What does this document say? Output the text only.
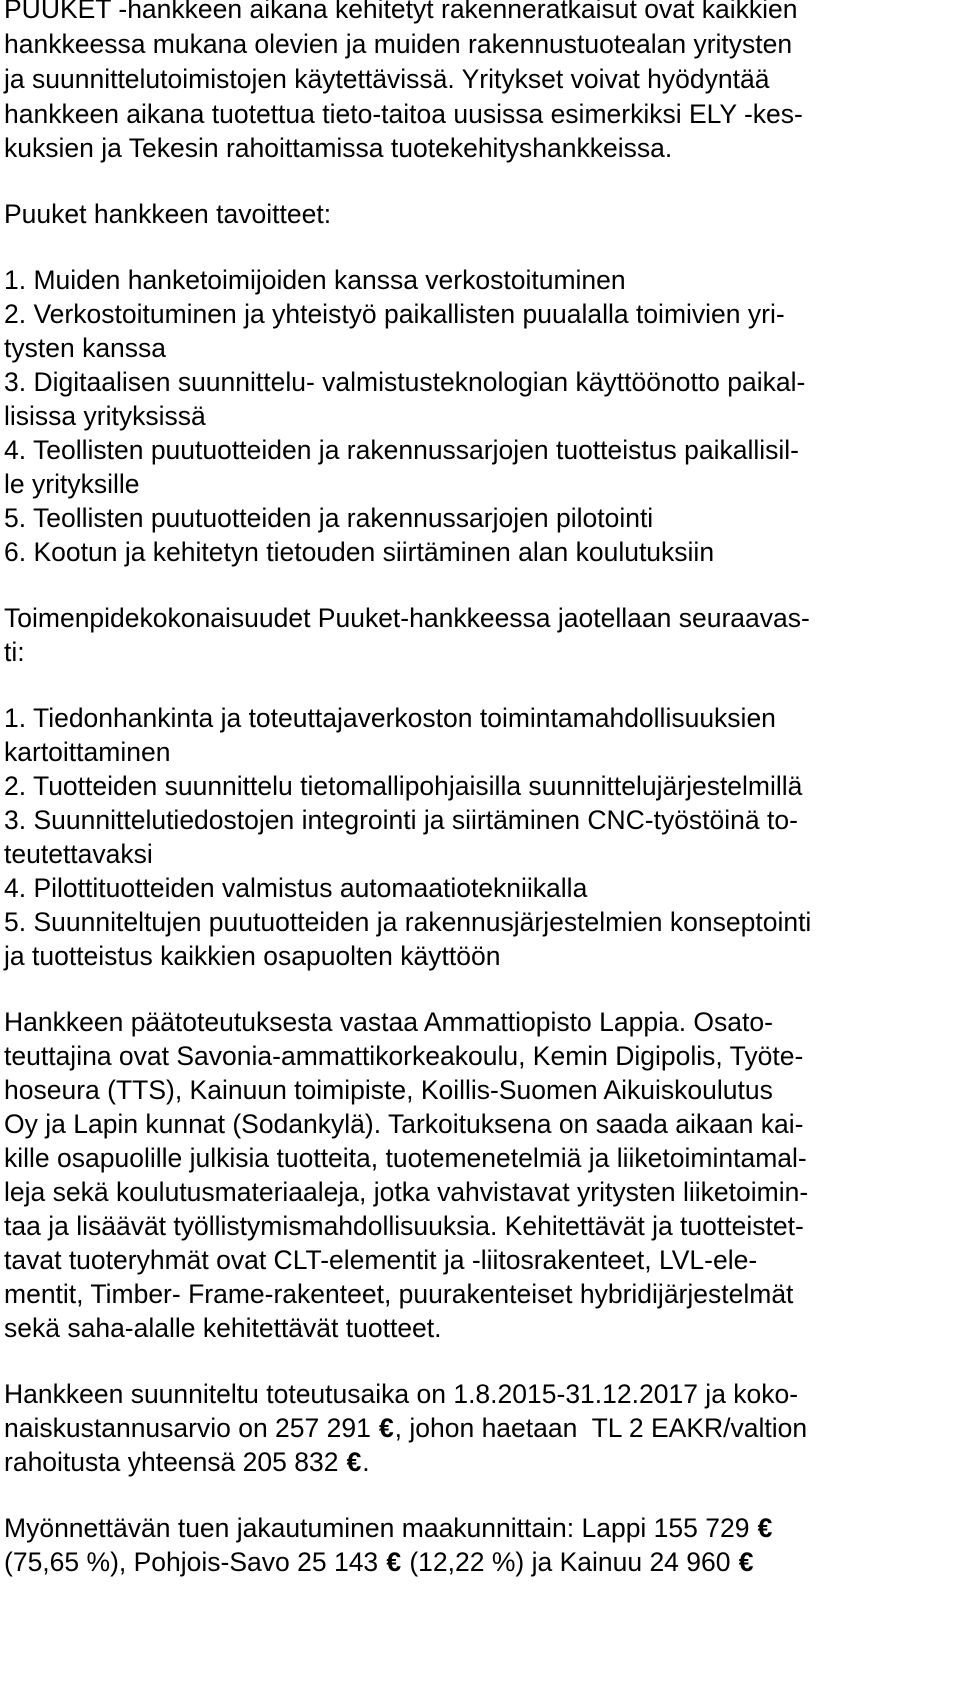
PUUKET -hankkeen aikana kehitetyt rakenneratkaisut ovat kaikkien
hankkeessa mukana olevien ja muiden rakennustuotealan yritysten
ja suunnittelutoimistojen käytettävissä. Yritykset voivat hyödyntää
hankkeen aikana tuotettua tieto-taitoa uusissa esimerkiksi ELY -kes-
kuksien ja Tekesin rahoittamissa tuotekehityshankkeissa.
Puuket hankkeen tavoitteet:
1. Muiden hanketoimijoiden kanssa verkostoituminen
2. Verkostoituminen ja yhteistyö paikallisten puualalla toimivien yri-
tysten kanssa
3. Digitaalisen suunnittelu- valmistusteknologian käyttöönotto paikal-
lisissa yrityksissä
4. Teollisten puutuotteiden ja rakennussarjojen tuotteistus paikallisil-
le yrityksille
5. Teollisten puutuotteiden ja rakennussarjojen pilotointi
6. Kootun ja kehitetyn tietouden siirtäminen alan koulutuksiin
Toimenpidekokonaisuudet Puuket-hankkeessa jaotellaan seuraavas-
ti:
1. Tiedonhankinta ja toteuttajaverkoston toimintamahdollisuuksien
kartoittaminen
2. Tuotteiden suunnittelu tietomallipohjaisilla suunnittelujärjestelmillä
3. Suunnittelutiedostojen integrointi ja siirtäminen CNC-työstöinä to-
teutettavaksi
4. Pilottituotteiden valmistus automaatiotekniikalla
5. Suunniteltujen puutuotteiden ja rakennusjärjestelmien konseptointi
ja tuotteistus kaikkien osapuolten käyttöön
Hankkeen päätoteutuksesta vastaa Ammattiopisto Lappia. Osato-
teuttajina ovat Savonia-ammattikorkeakoulu, Kemin Digipolis, Työte-
hoseura (TTS), Kainuun toimipiste, Koillis-Suomen Aikuiskoulutus
Oy ja Lapin kunnat (Sodankylä). Tarkoituksena on saada aikaan kai-
kille osapuolille julkisia tuotteita, tuotemenetelmiä ja liiketoimintamal-
leja sekä koulutusmateriaaleja, jotka vahvistavat yritysten liiketoimin-
taa ja lisäävät työllistymismahdollisuuksia. Kehitettävät ja tuotteistet-
tavat tuoteryhmät ovat CLT-elementit ja -liitosrakenteet, LVL-ele-
mentit, Timber- Frame-rakenteet, puurakenteiset hybridijärjestelmät
sekä saha-alalle kehitettävät tuotteet.
Hankkeen suunniteltu toteutusaika on 1.8.2015-31.12.2017 ja koko-
naiskustannusarvio on 257 291 €, johon haetaan  TL 2 EAKR/valtion
rahoitusta yhteensä 205 832 €.
Myönnettävän tuen jakautuminen maakunnittain: Lappi 155 729 €
(75,65 %), Pohjois-Savo 25 143 € (12,22 %) ja Kainuu 24 960 €
